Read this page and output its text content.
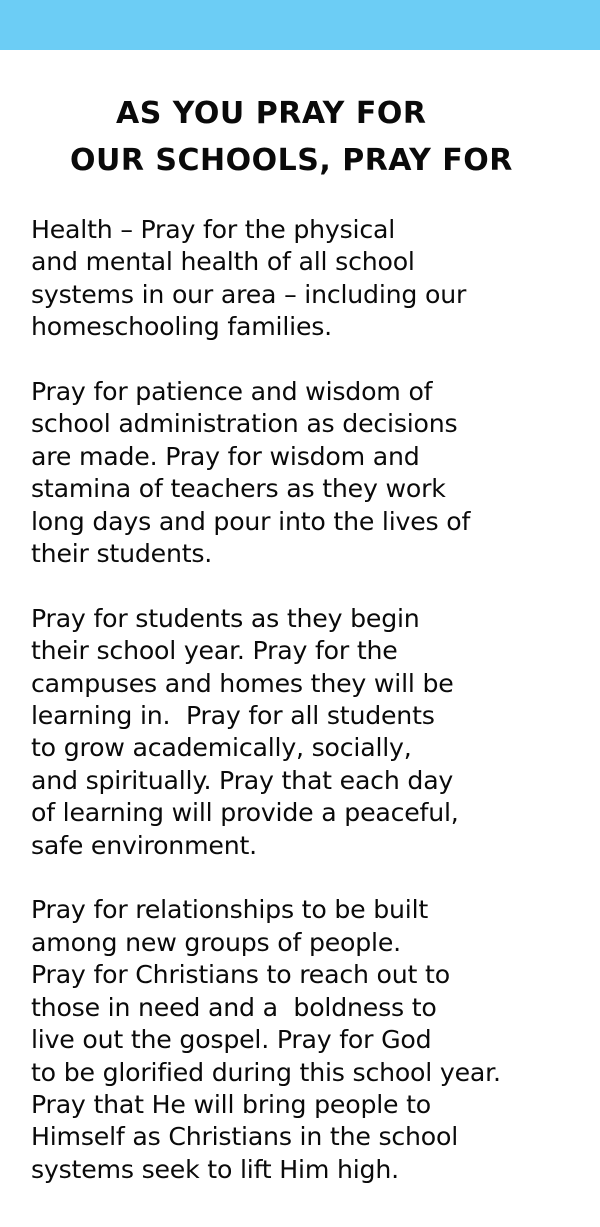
AS YOU PRAY FOR
OUR SCHOOLS, PRAY FOR
Health – Pray for the physical
and mental health of all school
systems in our area – including our
homeschooling families.
Pray for patience and wisdom of
school administration as decisions
are made. Pray for wisdom and
stamina of teachers as they work
long days and pour into the lives of
their students.
Pray for students as they begin
their school year. Pray for the
campuses and homes they will be
learning in.  Pray for all students
to grow academically, socially,
and spiritually. Pray that each day
of learning will provide a peaceful,
safe environment.
Pray for relationships to be built
among new groups of people.
Pray for Christians to reach out to
those in need and a  boldness to
live out the gospel. Pray for God
to be glorified during this school year.
Pray that He will bring people to
Himself as Christians in the school
systems seek to lift Him high.
